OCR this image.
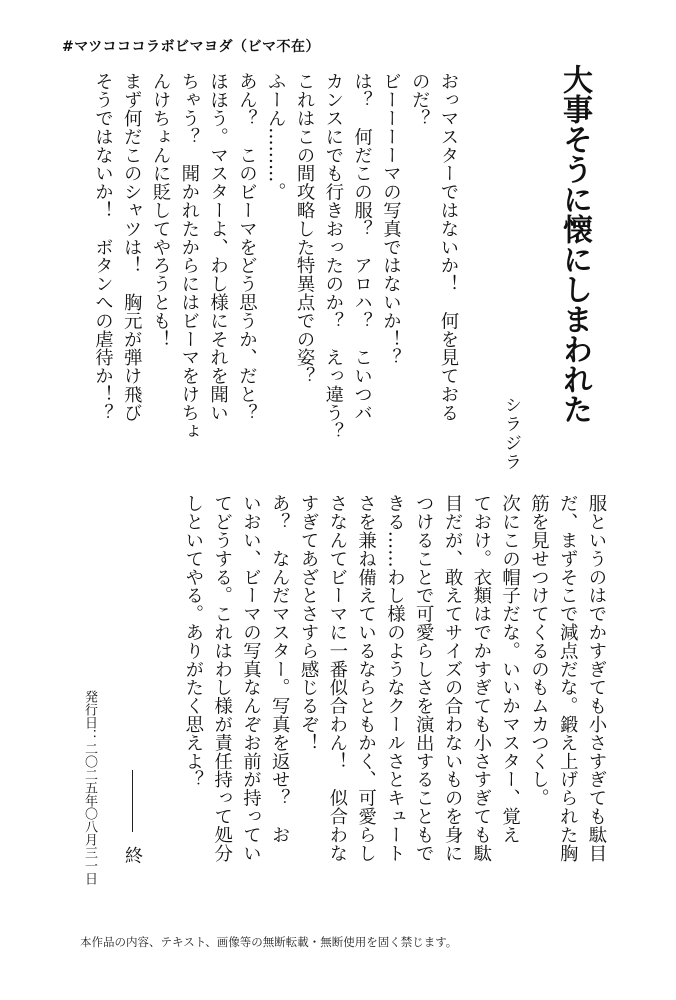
#マツコココラボビマヨダ（ビマ不在）
大事そうに懐にしまわれた
シラジラ

おっマスターではないか！　何を見ておる

のだ？

ビーーーーマの写真ではないか！？

は？　何だこの服？　アロハ？　こいつバ

カンスにでも行きおったのか？　えっ違う？

これはこの間攻略した特異点での姿？

ふーん………。

あん？　このビーマをどう思うか、だと？

ほほう。マスターよ、わし様にそれを聞い

ちゃう？　聞かれたからにはビーマをけちょ

んけちょんに貶してやろうとも！

まず何だこのシャツは！　胸元が弾け飛び

そうではないか！　ボタンへの虐待か！？

服というのはでかすぎても小さすぎても駄目

だ、まずそこで減点だな。鍛え上げられた胸

筋を見せつけてくるのもムカつくし。

次にこの帽子だな。いいかマスター、覚え

ておけ。衣類はでかすぎても小さすぎても駄

目だが、敢えてサイズの合わないものを身に

つけることで可愛らしさを演出することもで

きる……わし様のようなクールさとキュート

さを兼ね備えているならともかく、可愛らし

さなんてビーマに一番似合わん！　似合わな

すぎてあざとさすら感じるぞ！

あ？　なんだマスター。写真を返せ？　お

いおい、ビーマの写真なんぞお前が持ってい

てどうする。これはわし様が責任持って処分

しといてやる。ありがたく思えよ？

終
発行日：二〇二五年〇八月三一日
本作品の内容、テキスト、画像等の無断転載・無断使用を固く禁じます。
